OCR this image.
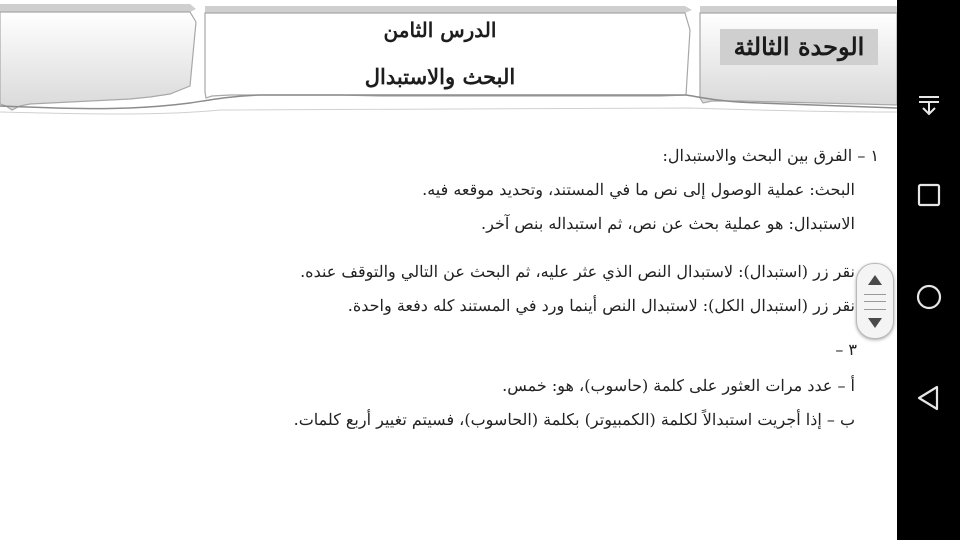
الدرس الثامن
البحث والاستبدال
الوحدة الثالثة
١ – الفرق بين البحث والاستبدال:
البحث: عملية الوصول إلى نص ما في المستند، وتحديد موقعه فيه.
الاستبدال: هو عملية بحث عن نص، ثم استبداله بنص آخر.
نقر زر (استبدال): لاستبدال النص الذي عثر عليه، ثم البحث عن التالي والتوقف عنده.
نقر زر (استبدال الكل): لاستبدال النص أينما ورد في المستند كله دفعة واحدة.
٣ –
أ – عدد مرات العثور على كلمة (حاسوب)، هو: خمس.
ب – إذا أجريت استبدالاً لكلمة (الكمبيوتر) بكلمة (الحاسوب)، فسيتم تغيير أربع كلمات.
